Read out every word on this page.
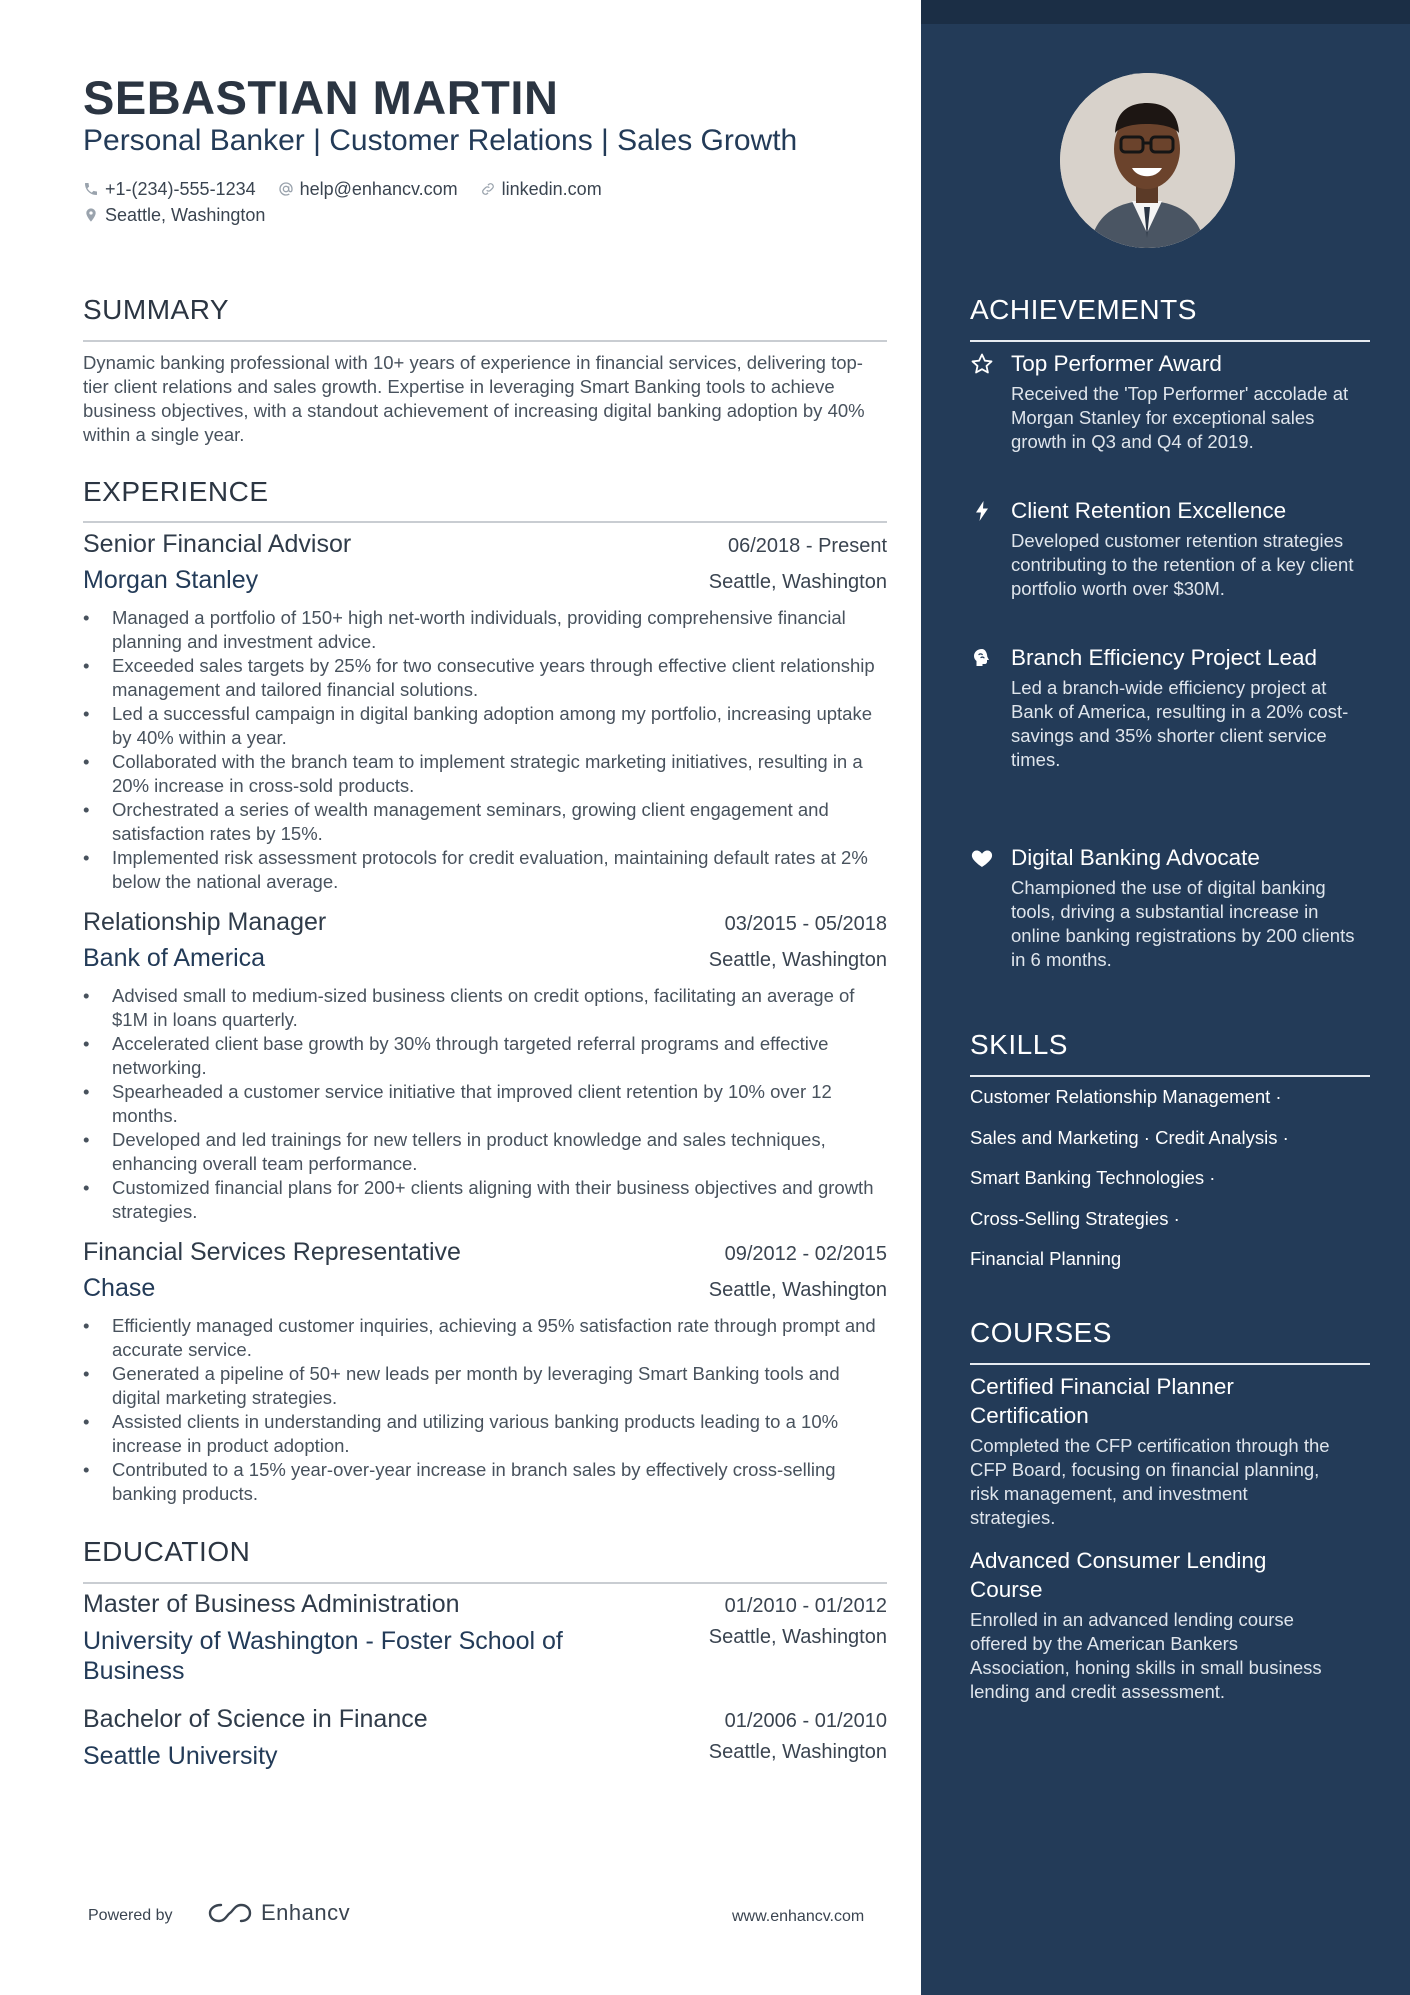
SEBASTIAN MARTIN
Personal Banker | Customer Relations | Sales Growth
+1-(234)-555-1234 help@enhancv.com linkedin.com
Seattle, Washington
SUMMARY
Dynamic banking professional with 10+ years of experience in financial services, delivering top-tier client relations and sales growth. Expertise in leveraging Smart Banking tools to achieve business objectives, with a standout achievement of increasing digital banking adoption by 40% within a single year.
EXPERIENCE
Senior Financial Advisor	06/2018 - Present
Morgan Stanley	Seattle, Washington
• Managed a portfolio of 150+ high net-worth individuals, providing comprehensive financial planning and investment advice.
• Exceeded sales targets by 25% for two consecutive years through effective client relationship management and tailored financial solutions.
• Led a successful campaign in digital banking adoption among my portfolio, increasing uptake by 40% within a year.
• Collaborated with the branch team to implement strategic marketing initiatives, resulting in a 20% increase in cross-sold products.
• Orchestrated a series of wealth management seminars, growing client engagement and satisfaction rates by 15%.
• Implemented risk assessment protocols for credit evaluation, maintaining default rates at 2% below the national average.
Relationship Manager	03/2015 - 05/2018
Bank of America	Seattle, Washington
• Advised small to medium-sized business clients on credit options, facilitating an average of $1M in loans quarterly.
• Accelerated client base growth by 30% through targeted referral programs and effective networking.
• Spearheaded a customer service initiative that improved client retention by 10% over 12 months.
• Developed and led trainings for new tellers in product knowledge and sales techniques, enhancing overall team performance.
• Customized financial plans for 200+ clients aligning with their business objectives and growth strategies.
Financial Services Representative	09/2012 - 02/2015
Chase	Seattle, Washington
• Efficiently managed customer inquiries, achieving a 95% satisfaction rate through prompt and accurate service.
• Generated a pipeline of 50+ new leads per month by leveraging Smart Banking tools and digital marketing strategies.
• Assisted clients in understanding and utilizing various banking products leading to a 10% increase in product adoption.
• Contributed to a 15% year-over-year increase in branch sales by effectively cross-selling banking products.
EDUCATION
Master of Business Administration	01/2010 - 01/2012
University of Washington - Foster School of Business
Seattle, Washington
Bachelor of Science in Finance	01/2006 - 01/2010
Seattle University	Seattle, Washington
Powered by	Enhancv	www.enhancv.com
ACHIEVEMENTS
Top Performer Award
Received the 'Top Performer' accolade at Morgan Stanley for exceptional sales growth in Q3 and Q4 of 2019.
Client Retention Excellence
Developed customer retention strategies contributing to the retention of a key client portfolio worth over $30M.
Branch Efficiency Project Lead
Led a branch-wide efficiency project at Bank of America, resulting in a 20% cost-savings and 35% shorter client service times.
Digital Banking Advocate
Championed the use of digital banking tools, driving a substantial increase in online banking registrations by 200 clients in 6 months.
SKILLS
Customer Relationship Management ·
Sales and Marketing · Credit Analysis ·
Smart Banking Technologies ·
Cross-Selling Strategies ·
Financial Planning
COURSES
Certified Financial Planner Certification
Completed the CFP certification through the CFP Board, focusing on financial planning, risk management, and investment strategies.
Advanced Consumer Lending Course
Enrolled in an advanced lending course offered by the American Bankers Association, honing skills in small business lending and credit assessment.
